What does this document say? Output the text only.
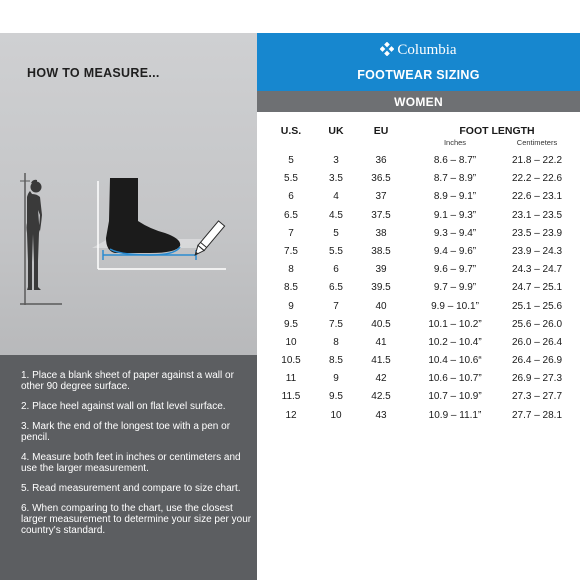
HOW TO MEASURE...
1. Place a blank sheet of paper against a wall or other 90 degree surface.
2. Place heel against wall on flat level surface.
3. Mark the end of the longest toe with a pen or pencil.
4. Measure both feet in inches or centimeters and use the larger measurement.
5. Read measurement and compare to size chart.
6. When comparing to the chart, use the closest larger measurement to determine your size per your country's standard.
Columbia
FOOTWEAR SIZING
WOMEN
U.S.	UK	EU	FOOT LENGTH
Inches	Centimeters
5	3	36	8.6 – 8.7”	21.8 – 22.2
5.5	3.5	36.5	8.7 – 8.9”	22.2 – 22.6
6	4	37	8.9 – 9.1”	22.6 – 23.1
6.5	4.5	37.5	9.1 – 9.3”	23.1 – 23.5
7	5	38	9.3 – 9.4”	23.5 – 23.9
7.5	5.5	38.5	9.4 – 9.6”	23.9 – 24.3
8	6	39	9.6 – 9.7”	24.3 – 24.7
8.5	6.5	39.5	9.7 – 9.9”	24.7 – 25.1
9	7	40	9.9 – 10.1”	25.1 – 25.6
9.5	7.5	40.5	10.1 – 10.2”	25.6 – 26.0
10	8	41	10.2 – 10.4”	26.0 – 26.4
10.5	8.5	41.5	10.4 – 10.6“	26.4 – 26.9
11	9	42	10.6 – 10.7”	26.9 – 27.3
11.5	9.5	42.5	10.7 – 10.9”	27.3 – 27.7
12	10	43	10.9 – 11.1”	27.7 – 28.1
